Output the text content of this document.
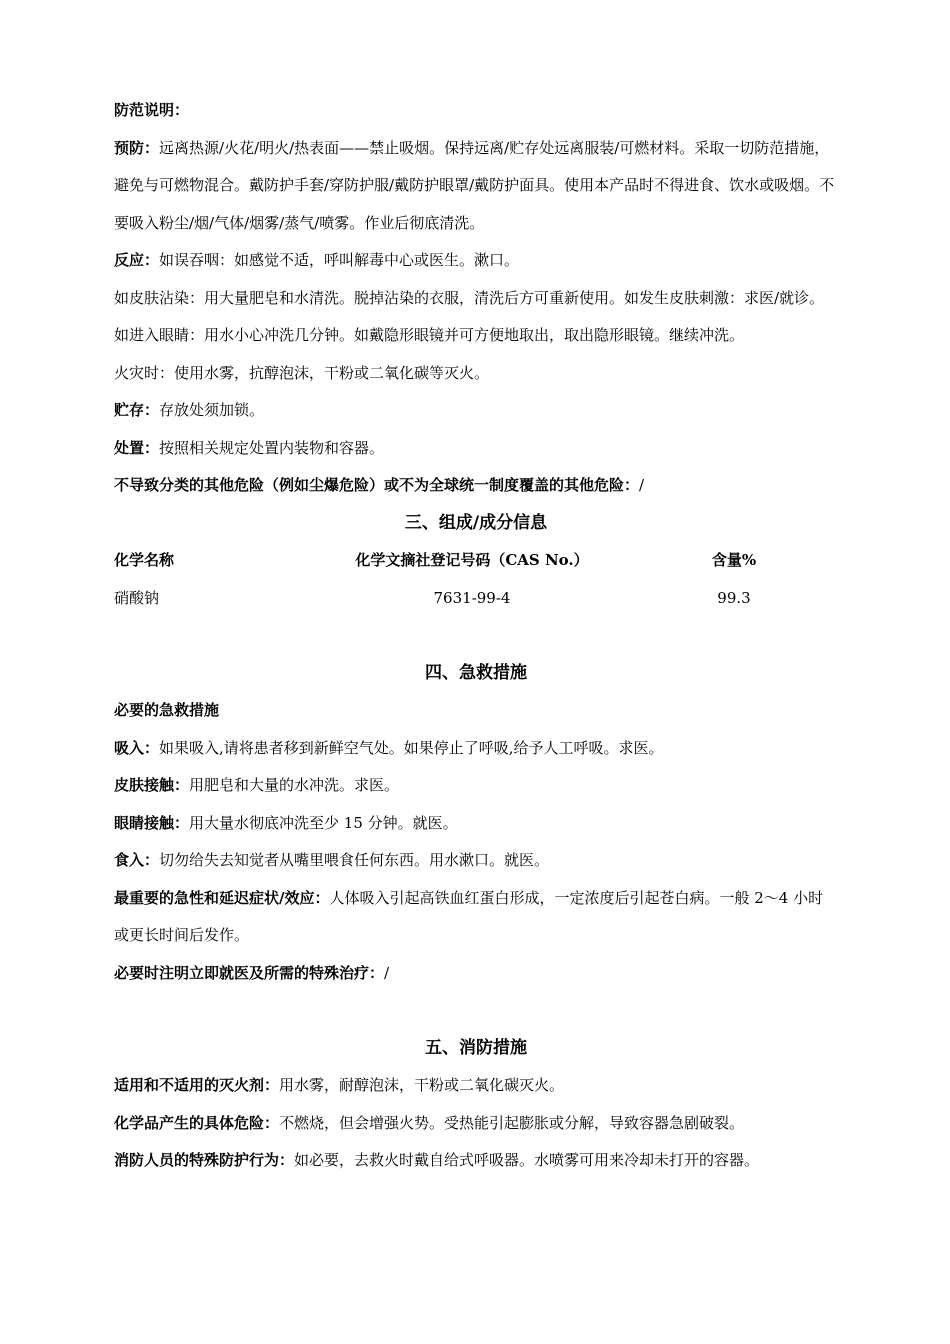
防范说明：
预防：远离热源/火花/明火/热表面——禁止吸烟。保持远离/贮存处远离服装/可燃材料。采取一切防范措施，避免与可燃物混合。戴防护手套/穿防护服/戴防护眼罩/戴防护面具。使用本产品时不得进食、饮水或吸烟。不要吸入粉尘/烟/气体/烟雾/蒸气/喷雾。作业后彻底清洗。
反应：如误吞咽：如感觉不适，呼叫解毒中心或医生。漱口。
如皮肤沾染：用大量肥皂和水清洗。脱掉沾染的衣服，清洗后方可重新使用。如发生皮肤刺激：求医/就诊。
如进入眼睛：用水小心冲洗几分钟。如戴隐形眼镜并可方便地取出，取出隐形眼镜。继续冲洗。
火灾时：使用水雾，抗醇泡沫，干粉或二氧化碳等灭火。
贮存：存放处须加锁。
处置：按照相关规定处置内装物和容器。
不导致分类的其他危险（例如尘爆危险）或不为全球统一制度覆盖的其他危险：/
三、组成/成分信息
化学名称	化学文摘社登记号码（CAS No.）	含量%
硝酸钠	7631-99-4	99.3
四、急救措施
必要的急救措施
吸入：如果吸入,请将患者移到新鲜空气处。如果停止了呼吸,给予人工呼吸。求医。
皮肤接触：用肥皂和大量的水冲洗。求医。
眼睛接触：用大量水彻底冲洗至少 15 分钟。就医。
食入：切勿给失去知觉者从嘴里喂食任何东西。用水漱口。就医。
最重要的急性和延迟症状/效应：人体吸入引起高铁血红蛋白形成，一定浓度后引起苍白病。一般 2～4 小时或更长时间后发作。
必要时注明立即就医及所需的特殊治疗：/
五、消防措施
适用和不适用的灭火剂：用水雾，耐醇泡沫，干粉或二氧化碳灭火。
化学品产生的具体危险：不燃烧，但会增强火势。受热能引起膨胀或分解，导致容器急剧破裂。
消防人员的特殊防护行为：如必要，去救火时戴自给式呼吸器。水喷雾可用来冷却未打开的容器。
